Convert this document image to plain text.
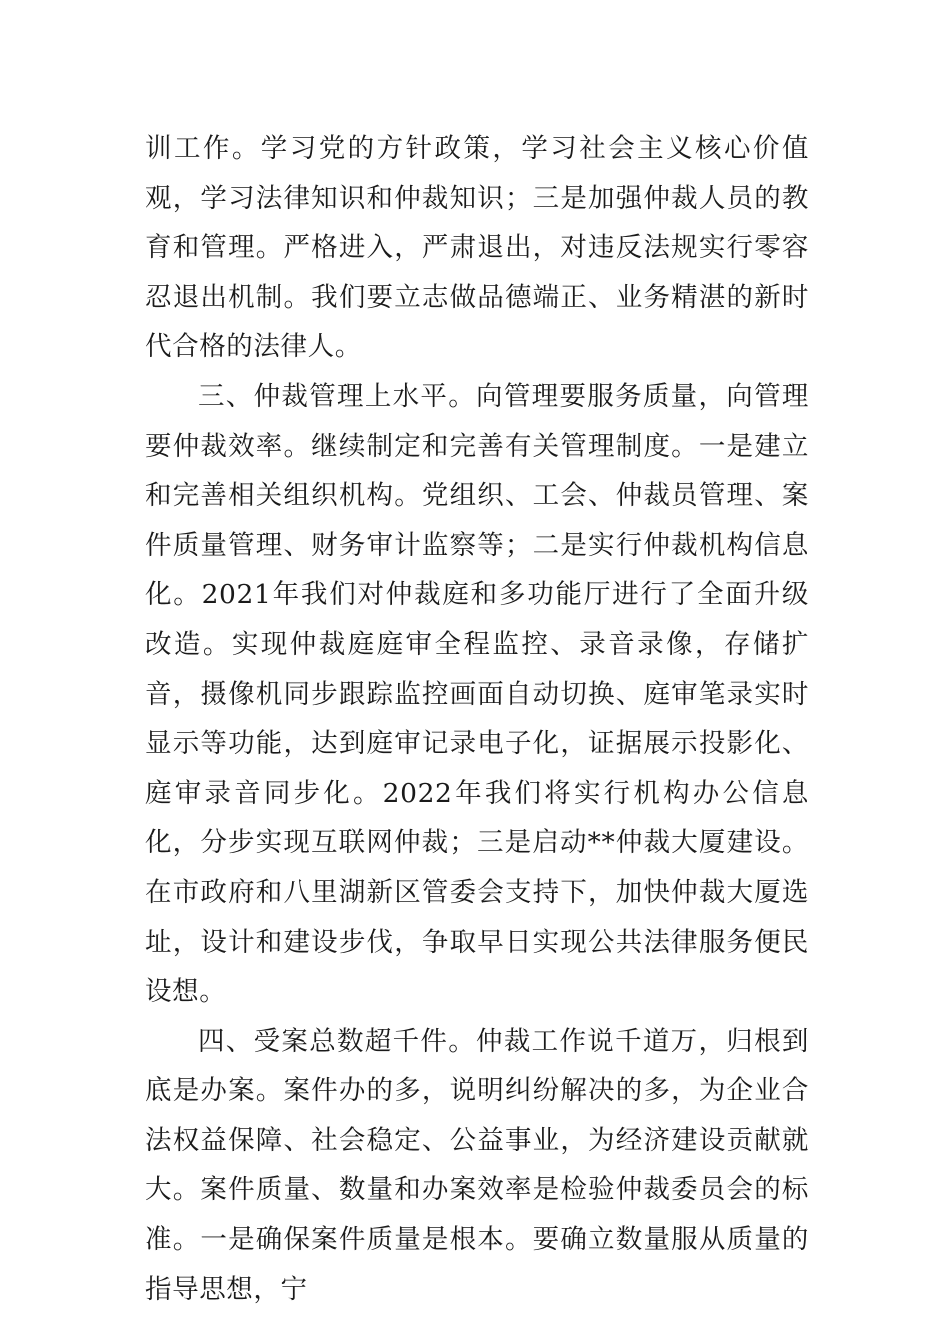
训工作。学习党的方针政策，学习社会主义核心价值观，学习法律知识和仲裁知识；三是加强仲裁人员的教育和管理。严格进入，严肃退出，对违反法规实行零容忍退出机制。我们要立志做品德端正、业务精湛的新时代合格的法律人。

三、仲裁管理上水平。向管理要服务质量，向管理要仲裁效率。继续制定和完善有关管理制度。一是建立和完善相关组织机构。党组织、工会、仲裁员管理、案件质量管理、财务审计监察等；二是实行仲裁机构信息化。2021年我们对仲裁庭和多功能厅进行了全面升级改造。实现仲裁庭庭审全程监控、录音录像，存储扩音，摄像机同步跟踪监控画面自动切换、庭审笔录实时显示等功能，达到庭审记录电子化，证据展示投影化、庭审录音同步化。2022年我们将实行机构办公信息化，分步实现互联网仲裁；三是启动**仲裁大厦建设。在市政府和八里湖新区管委会支持下，加快仲裁大厦选址，设计和建设步伐，争取早日实现公共法律服务便民设想。

四、受案总数超千件。仲裁工作说千道万，归根到底是办案。案件办的多，说明纠纷解决的多，为企业合法权益保障、社会稳定、公益事业，为经济建设贡献就大。案件质量、数量和办案效率是检验仲裁委员会的标准。一是确保案件质量是根本。要确立数量服从质量的指导思想，宁
